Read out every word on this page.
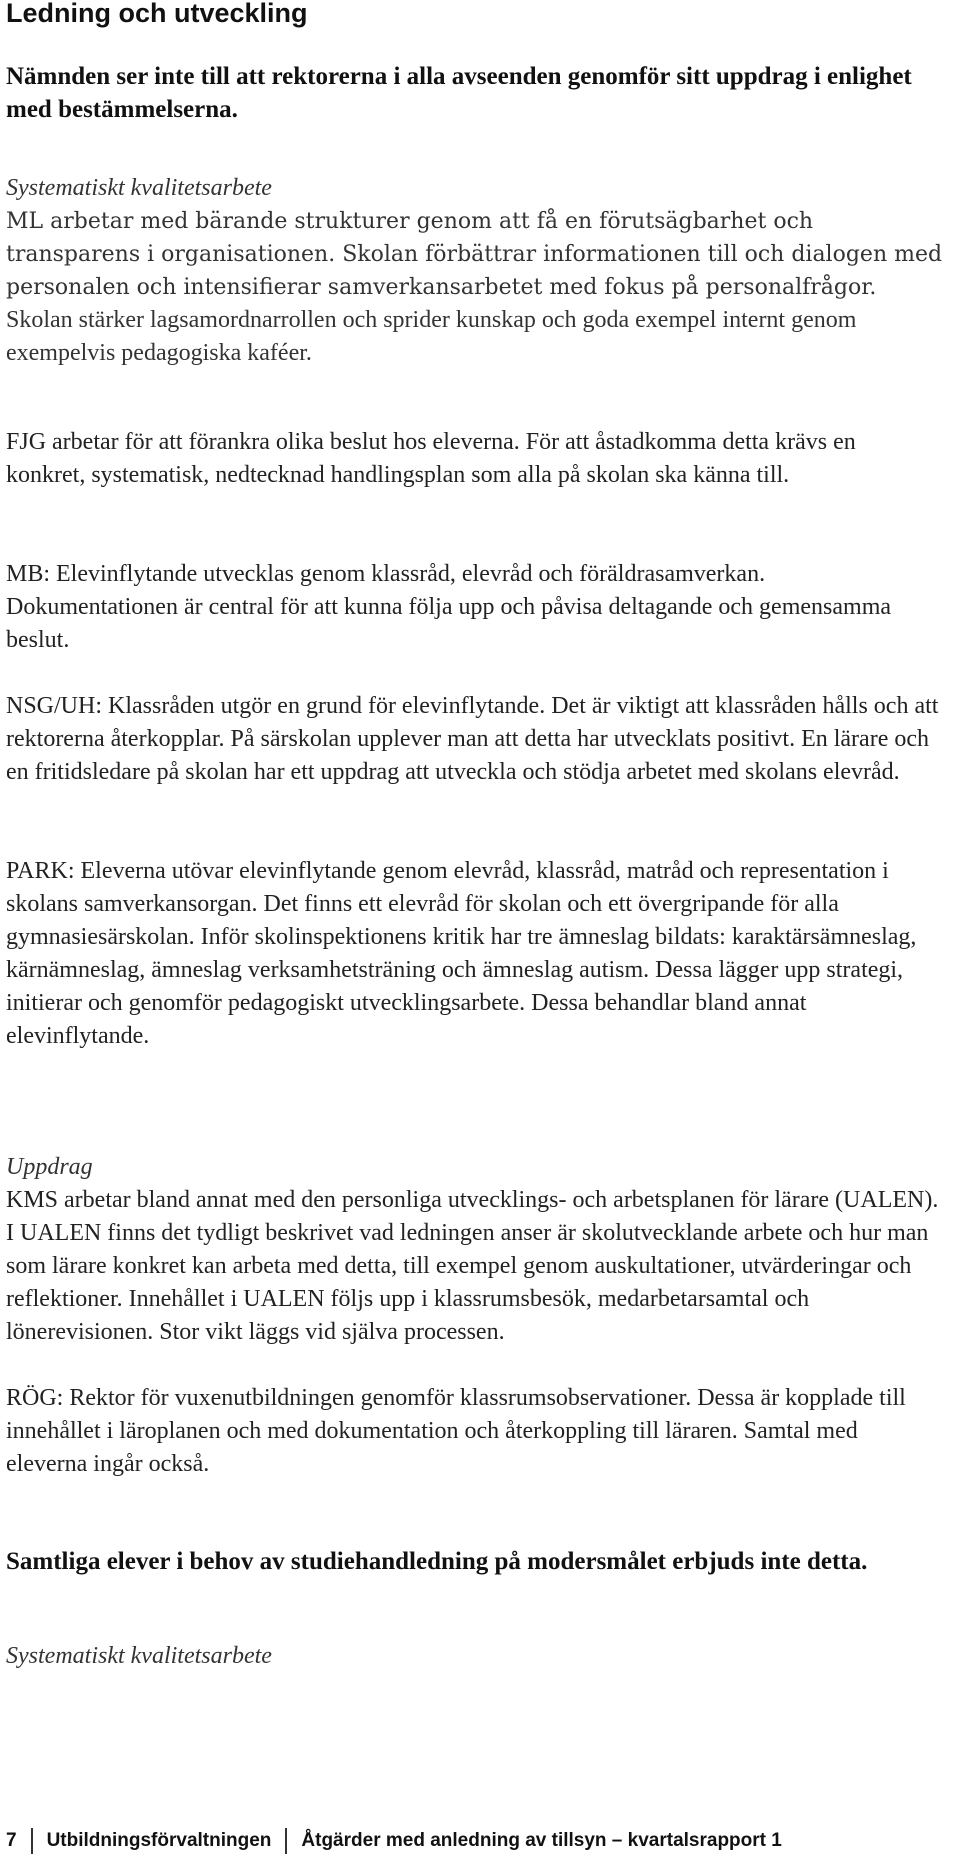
Ledning och utveckling

Nämnden ser inte till att rektorerna i alla avseenden genomför sitt uppdrag i enlighet med bestämmelserna.

Systematiskt kvalitetsarbete

ML arbetar med bärande strukturer genom att få en förutsägbarhet och transparens i organisationen. Skolan förbättrar informationen till och dialogen med personalen och intensifierar samverkansarbetet med fokus på personalfrågor. Skolan stärker lagsamordnarrollen och sprider kunskap och goda exempel internt genom exempelvis pedagogiska kaféer.

FJG arbetar för att förankra olika beslut hos eleverna. För att åstadkomma detta krävs en konkret, systematisk, nedtecknad handlingsplan som alla på skolan ska känna till.

MB: Elevinflytande utvecklas genom klassråd, elevråd och föräldrasamverkan. Dokumentationen är central för att kunna följa upp och påvisa deltagande och gemensamma beslut.

NSG/UH: Klassråden utgör en grund för elevinflytande. Det är viktigt att klassråden hålls och att rektorerna återkopplar. På särskolan upplever man att detta har utvecklats positivt. En lärare och en fritidsledare på skolan har ett uppdrag att utveckla och stödja arbetet med skolans elevråd.

PARK: Eleverna utövar elevinflytande genom elevråd, klassråd, matråd och representation i skolans samverkansorgan. Det finns ett elevråd för skolan och ett övergripande för alla gymnasiesärskolan. Inför skolinspektionens kritik har tre ämneslag bildats: karaktärsämneslag, kärnämneslag, ämneslag verksamhetsträning och ämneslag autism. Dessa lägger upp strategi, initierar och genomför pedagogiskt utvecklingsarbete. Dessa behandlar bland annat elevinflytande.

Uppdrag

KMS arbetar bland annat med den personliga utvecklings- och arbetsplanen för lärare (UALEN). I UALEN finns det tydligt beskrivet vad ledningen anser är skolutvecklande arbete och hur man som lärare konkret kan arbeta med detta, till exempel genom auskultationer, utvärderingar och reflektioner. Innehållet i UALEN följs upp i klassrumsbesök, medarbetarsamtal och lönerevisionen. Stor vikt läggs vid själva processen.

RÖG: Rektor för vuxenutbildningen genomför klassrumsobservationer. Dessa är kopplade till innehållet i läroplanen och med dokumentation och återkoppling till läraren. Samtal med eleverna ingår också.

Samtliga elever i behov av studiehandledning på modersmålet erbjuds inte detta.

Systematiskt kvalitetsarbete

7 Utbildningsförvaltningen Åtgärder med anledning av tillsyn – kvartalsrapport 1
